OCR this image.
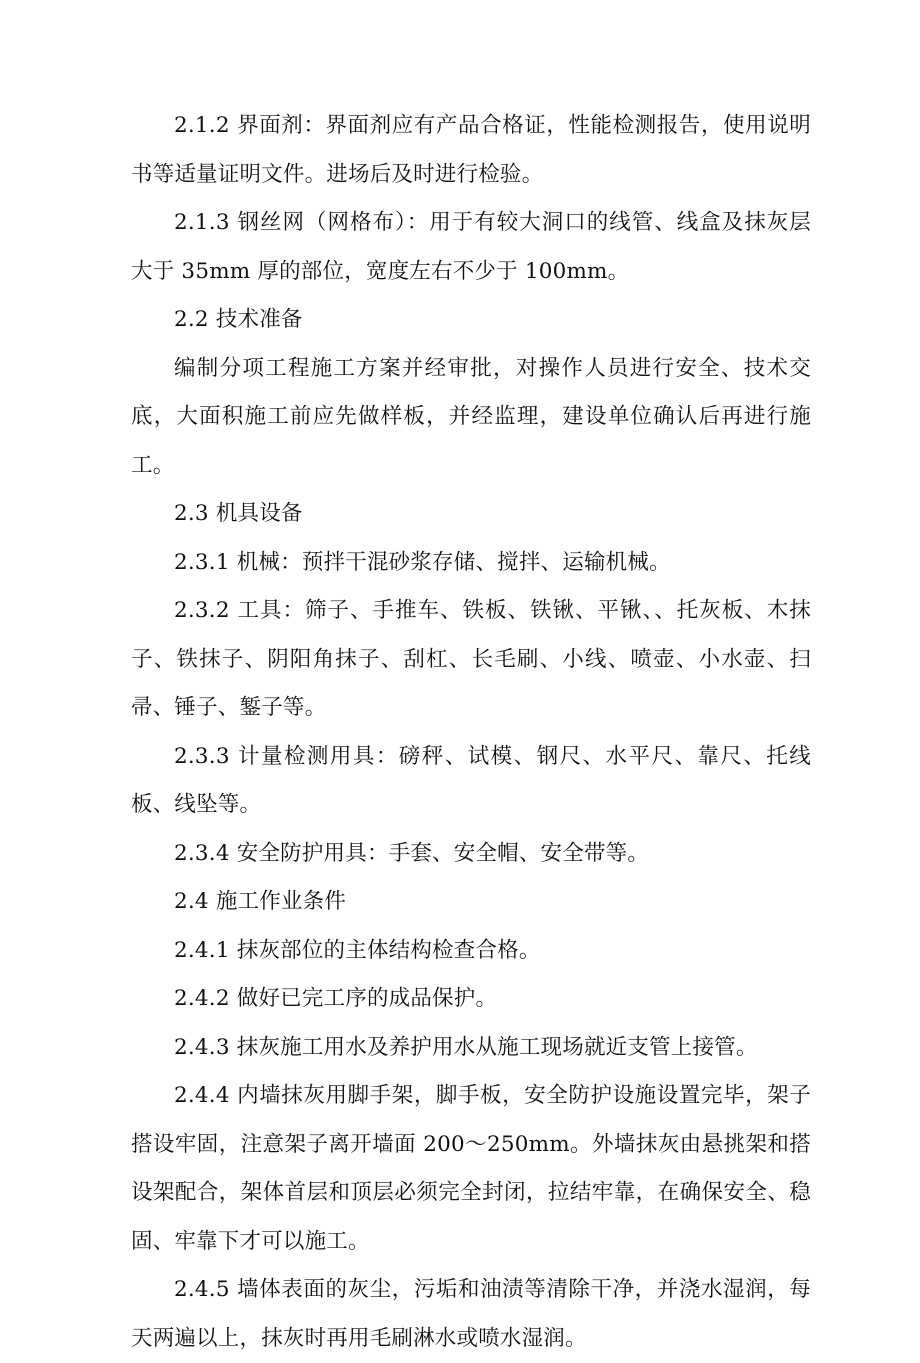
2.1.2 界面剂：界面剂应有产品合格证，性能检测报告，使用说明书等适量证明文件。进场后及时进行检验。

2.1.3 钢丝网（网格布）：用于有较大洞口的线管、线盒及抹灰层大于 35mm 厚的部位，宽度左右不少于 100mm。

2.2 技术准备

编制分项工程施工方案并经审批，对操作人员进行安全、技术交底，大面积施工前应先做样板，并经监理，建设单位确认后再进行施工。

2.3 机具设备

2.3.1 机械：预拌干混砂浆存储、搅拌、运输机械。

2.3.2 工具：筛子、手推车、铁板、铁锹、平锹、、托灰板、木抹子、铁抹子、阴阳角抹子、刮杠、长毛刷、小线、喷壶、小水壶、扫帚、锤子、錾子等。

2.3.3 计量检测用具：磅秤、试模、钢尺、水平尺、靠尺、托线板、线坠等。

2.3.4 安全防护用具：手套、安全帽、安全带等。

2.4 施工作业条件

2.4.1 抹灰部位的主体结构检查合格。

2.4.2 做好已完工序的成品保护。

2.4.3 抹灰施工用水及养护用水从施工现场就近支管上接管。

2.4.4 内墙抹灰用脚手架，脚手板，安全防护设施设置完毕，架子搭设牢固，注意架子离开墙面 200～250mm。外墙抹灰由悬挑架和搭设架配合，架体首层和顶层必须完全封闭，拉结牢靠，在确保安全、稳固、牢靠下才可以施工。

2.4.5 墙体表面的灰尘，污垢和油渍等清除干净，并浇水湿润，每天两遍以上，抹灰时再用毛刷淋水或喷水湿润。
